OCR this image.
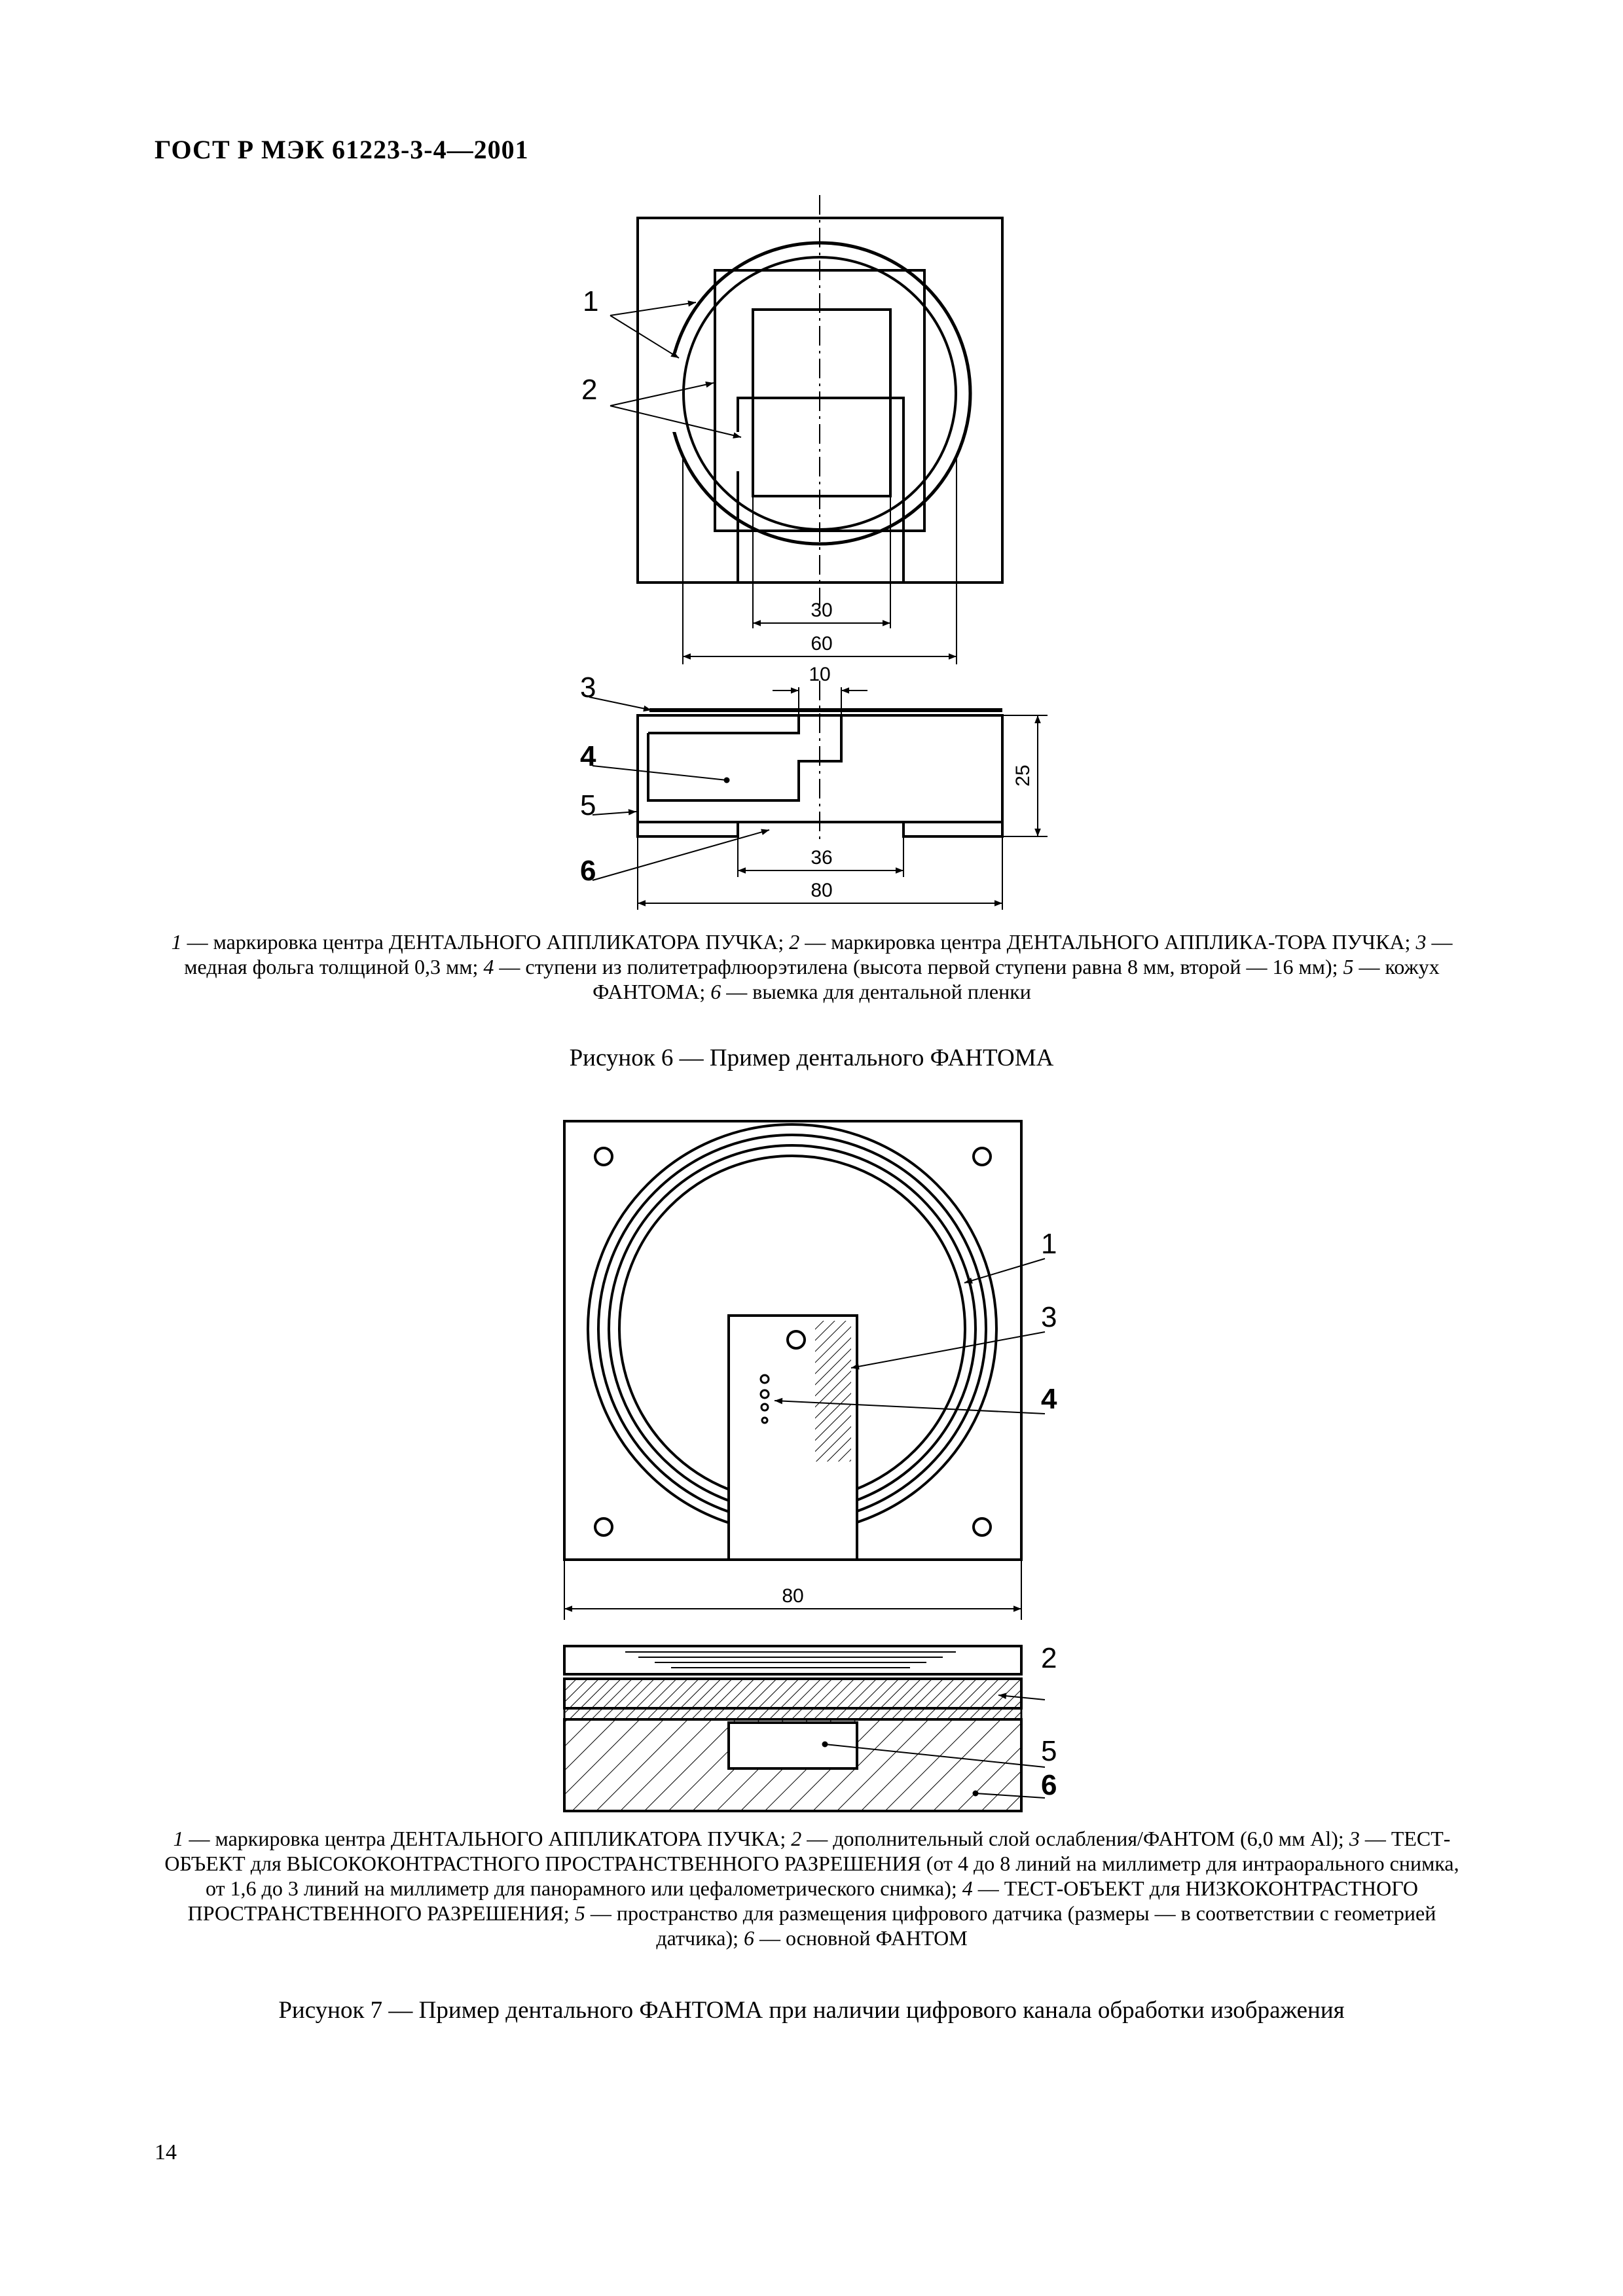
ГОСТ Р МЭК 61223-3-4—2001
1
2
3
4
5
6
30
60
10
36
80
25
1 — маркировка центра ДЕНТАЛЬНОГО АППЛИКАТОРА ПУЧКА; 2 — маркировка центра ДЕНТАЛЬНОГО АППЛИКА-ТОРА ПУЧКА; 3 — медная фольга толщиной 0,3 мм; 4 — ступени из политетрафлюорэтилена (высота первой ступени равна 8 мм, второй — 16 мм); 5 — кожух ФАНТОМА; 6 — выемка для дентальной пленки
Рисунок 6 — Пример дентального ФАНТОМА
1
3
4
2
5
6
80
1 — маркировка центра ДЕНТАЛЬНОГО АППЛИКАТОРА ПУЧКА; 2 — дополнительный слой ослабления/ФАНТОМ (6,0 мм Al); 3 — ТЕСТ-ОБЪЕКТ для ВЫСОКОКОНТРАСТНОГО ПРОСТРАНСТВЕННОГО РАЗРЕШЕНИЯ (от 4 до 8 линий на миллиметр для интраорального снимка, от 1,6 до 3 линий на миллиметр для панорамного или цефалометрического снимка); 4 — ТЕСТ-ОБЪЕКТ для НИЗКОКОНТРАСТНОГО ПРОСТРАНСТВЕННОГО РАЗРЕШЕНИЯ; 5 — пространство для размещения цифрового датчика (размеры — в соответствии с геометрией датчика); 6 — основной ФАНТОМ
Рисунок 7 — Пример дентального ФАНТОМА при наличии цифрового канала обработки изображения
14
